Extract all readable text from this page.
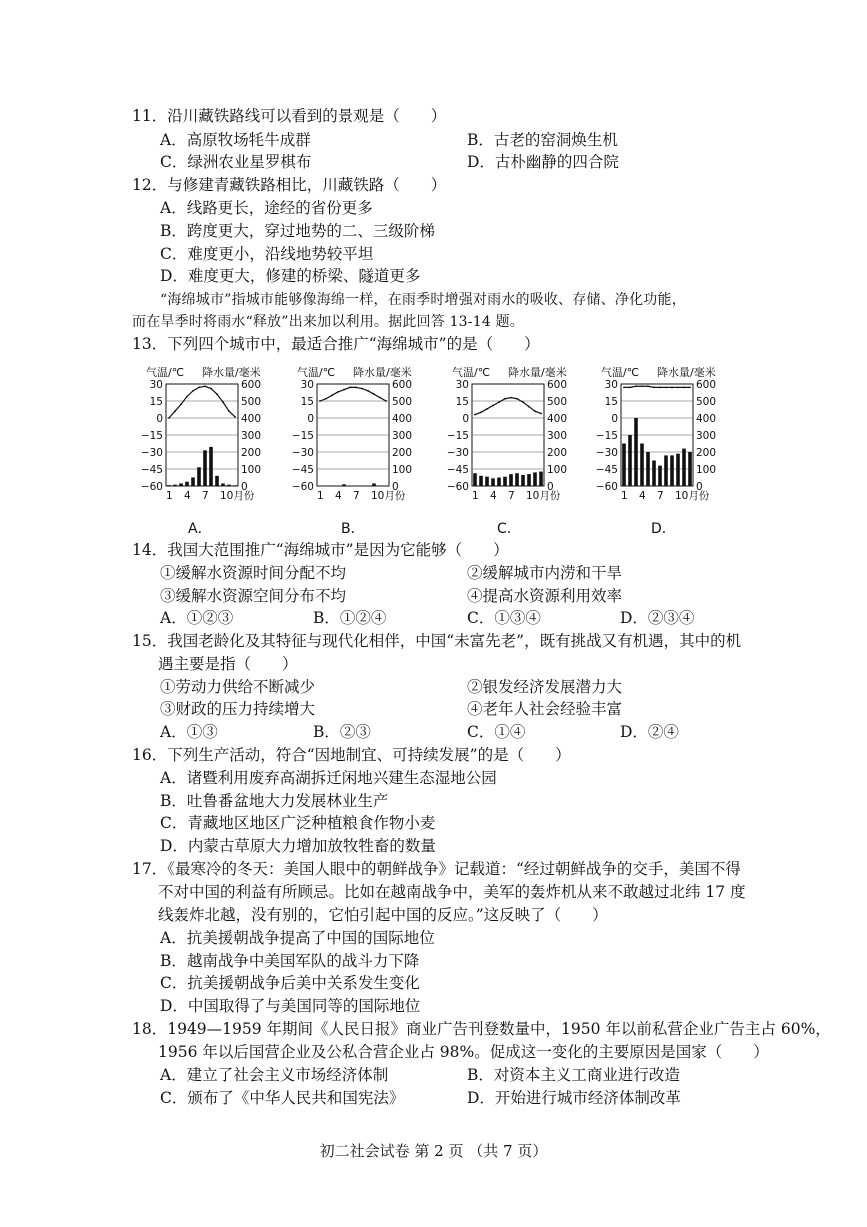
11．沿川藏铁路线可以看到的景观是（　　）
A．高原牧场牦牛成群	B．古老的窑洞焕生机
C．绿洲农业星罗棋布	D．古朴幽静的四合院
12．与修建青藏铁路相比，川藏铁路（　　）
A．线路更长，途经的省份更多
B．跨度更大，穿过地势的二、三级阶梯
C．难度更小，沿线地势较平坦
D．难度更大，修建的桥梁、隧道更多
“海绵城市”指城市能够像海绵一样，在雨季时增强对雨水的吸收、存储、净化功能，
而在旱季时将雨水“释放”出来加以利用。据此回答 13-14 题。
13．下列四个城市中，最适合推广“海绵城市”的是（　　）
气温/℃ 降水量/毫米
30
15
0
−15
−30
−45
−60
600
500
400
300
200
100
0
1 4 7 10月份
气温/℃ 降水量/毫米
30
15
0
−15
−30
−45
−60
600
500
400
300
200
100
0
1 4 7 10月份
气温/℃ 降水量/毫米
30
15
0
−15
−30
−45
−60
600
500
400
300
200
100
0
1 4 7 10月份
气温/℃ 降水量/毫米
30
15
0
−15
−30
−45
−60
600
500
400
300
200
100
0
1 4 7 10月份
A．	B．	C．	D．
14．我国大范围推广“海绵城市”是因为它能够（　　）
①缓解水资源时间分配不均	②缓解城市内涝和干旱
③缓解水资源空间分布不均	④提高水资源利用效率
A．①②③	B．①②④	C．①③④	D．②③④
15．我国老龄化及其特征与现代化相伴，中国“未富先老”，既有挑战又有机遇，其中的机
遇主要是指（　　）
①劳动力供给不断减少	②银发经济发展潜力大
③财政的压力持续增大	④老年人社会经验丰富
A．①③	B．②③	C．①④	D．②④
16．下列生产活动，符合“因地制宜、可持续发展”的是（　　）
A．诸暨利用废弃高湖拆迁闲地兴建生态湿地公园
B．吐鲁番盆地大力发展林业生产
C．青藏地区地区广泛种植粮食作物小麦
D．内蒙古草原大力增加放牧牲畜的数量
17．《最寒冷的冬天：美国人眼中的朝鲜战争》记载道：“经过朝鲜战争的交手，美国不得
不对中国的利益有所顾忌。比如在越南战争中，美军的轰炸机从来不敢越过北纬 17 度
线轰炸北越，没有别的，它怕引起中国的反应。”这反映了（　　）
A．抗美援朝战争提高了中国的国际地位
B．越南战争中美国军队的战斗力下降
C．抗美援朝战争后美中关系发生变化
D．中国取得了与美国同等的国际地位
18．1949—1959 年期间《人民日报》商业广告刊登数量中，1950 年以前私营企业广告主占 60%，
1956 年以后国营企业及公私合营企业占 98%。促成这一变化的主要原因是国家（　　）
A．建立了社会主义市场经济体制	B．对资本主义工商业进行改造
C．颁布了《中华人民共和国宪法》	D．开始进行城市经济体制改革
初二社会试卷 第 2 页 （共 7 页）
